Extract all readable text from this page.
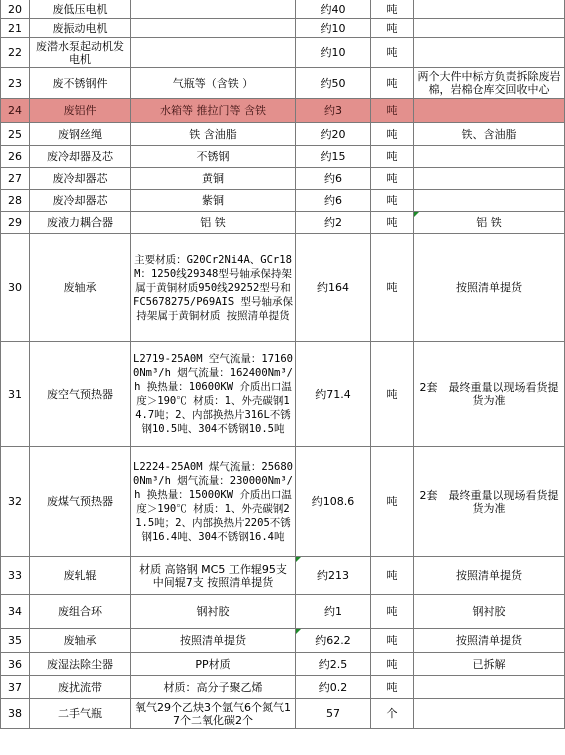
20	废低压电机		约40	吨	
21	废振动电机		约10	吨	
22	废潜水泵起动机发电机		约10	吨	
23	废不锈钢件	气瓶等（含铁 ）	约50	吨	两个大件中标方负责拆除废岩棉，岩棉仓库交回收中心
24	废铝件	水箱等 推拉门等 含铁	约3	吨	
25	废钢丝绳	铁 含油脂	约20	吨	铁、含油脂
26	废冷却器及芯	不锈钢	约15	吨	
27	废冷却器芯	黄铜	约6	吨	
28	废冷却器芯	紫铜	约6	吨	
29	废液力耦合器	铝 铁	约2	吨	铝 铁
30	废轴承	主要材质：G20Cr2Ni4A、GCr18M：1250线29348型号轴承保持架属于黄铜材质950线29252型号和FC5678275/P69AIS 型号轴承保持架属于黄铜材质 按照清单提货	约164	吨	按照清单提货
31	废空气预热器	L2719-25A0M 空气流量：171600Nm³/h 烟气流量：162400Nm³/h 换热量：10600KW 介质出口温度＞190℃ 材质：1、外壳碳钢14.7吨；2、内部换热片316L不锈钢10.5吨、304不锈钢10.5吨	约71.4	吨	2套　最终重量以现场看货提货为准
32	废煤气预热器	L2224-25A0M 煤气流量：256800Nm³/h 烟气流量：230000Nm³/h 换热量：15000KW 介质出口温度＞190℃ 材质：1、外壳碳钢21.5吨；2、内部换热片2205不锈钢16.4吨、304不锈钢16.4吨	约108.6	吨	2套　最终重量以现场看货提货为准
33	废轧辊	材质 高铬钢 MC5 工作辊95支 中间辊7支 按照清单提货	约213	吨	按照清单提货
34	废组合环	钢衬胶	约1	吨	钢衬胶
35	废轴承	按照清单提货	约62.2	吨	按照清单提货
36	废湿法除尘器	PP材质	约2.5	吨	已拆解
37	废扰流带	材质：高分子聚乙烯	约0.2	吨	
38	二手气瓶	氧气29个乙炔3个氩气6个氮气17个二氧化碳2个	57	个	
